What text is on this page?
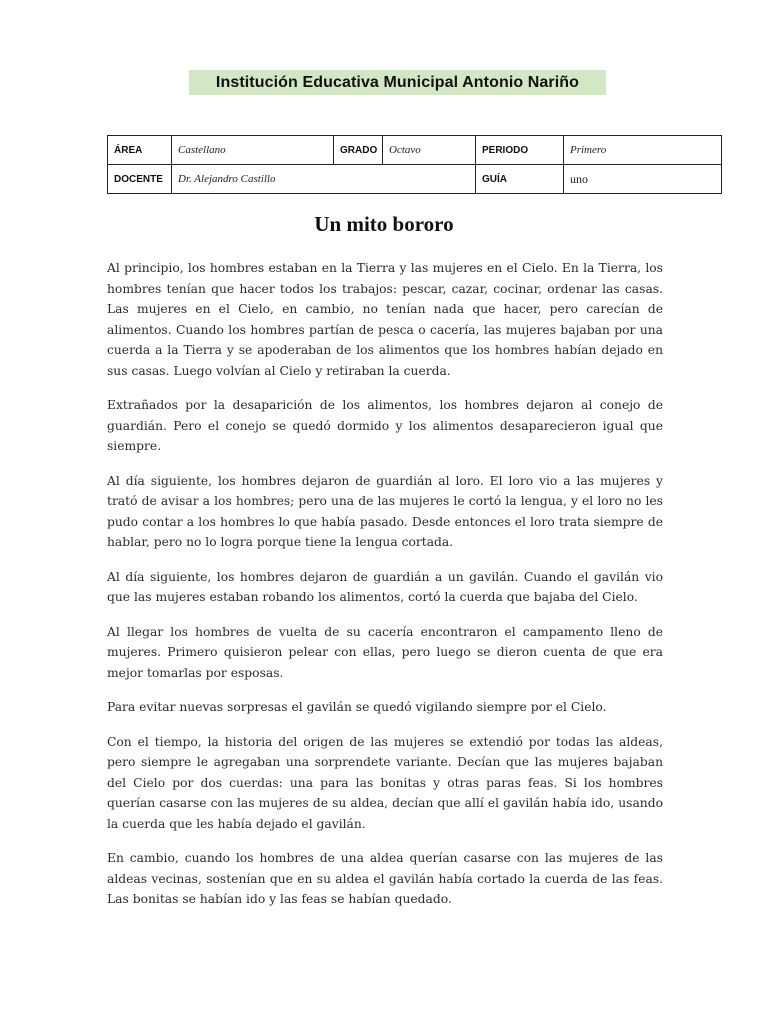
Institución Educativa Municipal Antonio Nariño
ÁREA	Castellano	GRADO	Octavo	PERIODO	Primero
DOCENTE	Dr. Alejandro Castillo			GUÍA	uno
Un mito bororo

Al principio, los hombres estaban en la Tierra y las mujeres en el Cielo. En la Tierra, los hombres tenían que hacer todos los trabajos: pescar, cazar, cocinar, ordenar las casas. Las mujeres en el Cielo, en cambio, no tenían nada que hacer, pero carecían de alimentos. Cuando los hombres partían de pesca o cacería, las mujeres bajaban por una cuerda a la Tierra y se apoderaban de los alimentos que los hombres habían dejado en sus casas. Luego volvían al Cielo y retiraban la cuerda.

Extrañados por la desaparición de los alimentos, los hombres dejaron al conejo de guardián. Pero el conejo se quedó dormido y los alimentos desaparecieron igual que siempre.

Al día siguiente, los hombres dejaron de guardián al loro. El loro vio a las mujeres y trató de avisar a los hombres; pero una de las mujeres le cortó la lengua, y el loro no les pudo contar a los hombres lo que había pasado. Desde entonces el loro trata siempre de hablar, pero no lo logra porque tiene la lengua cortada.

Al día siguiente, los hombres dejaron de guardián a un gavilán. Cuando el gavilán vio que las mujeres estaban robando los alimentos, cortó la cuerda que bajaba del Cielo.

Al llegar los hombres de vuelta de su cacería encontraron el campamento lleno de mujeres. Primero quisieron pelear con ellas, pero luego se dieron cuenta de que era mejor tomarlas por esposas.

Para evitar nuevas sorpresas el gavilán se quedó vigilando siempre por el Cielo.

Con el tiempo, la historia del origen de las mujeres se extendió por todas las aldeas, pero siempre le agregaban una sorprendete variante. Decían que las mujeres bajaban del Cielo por dos cuerdas: una para las bonitas y otras paras feas. Si los hombres querían casarse con las mujeres de su aldea, decían que allí el gavilán había ido, usando la cuerda que les había dejado el gavilán.

En cambio, cuando los hombres de una aldea querían casarse con las mujeres de las aldeas vecinas, sostenían que en su aldea el gavilán había cortado la cuerda de las feas. Las bonitas se habían ido y las feas se habían quedado.
